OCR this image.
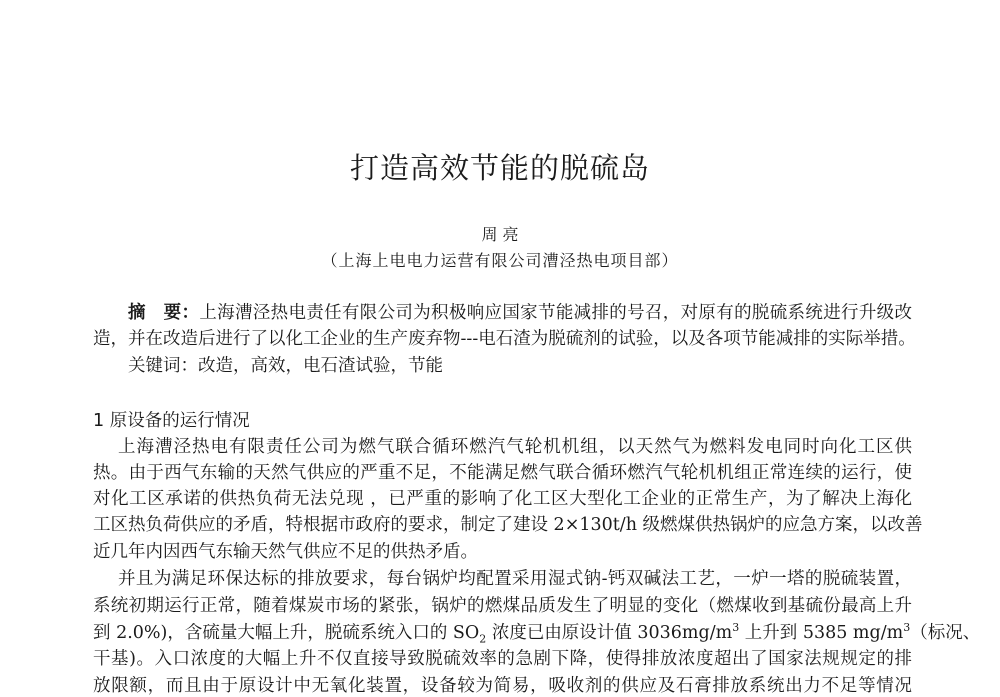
打造高效节能的脱硫岛
周 亮
（上海上电电力运营有限公司漕泾热电项目部）
摘　要：上海漕泾热电责任有限公司为积极响应国家节能减排的号召，对原有的脱硫系统进行升级改
造，并在改造后进行了以化工企业的生产废弃物---电石渣为脱硫剂的试验，以及各项节能减排的实际举措。
关键词：改造，高效，电石渣试验，节能
1 原设备的运行情况
上海漕泾热电有限责任公司为燃气联合循环燃汽气轮机机组，以天然气为燃料发电同时向化工区供
热。由于西气东输的天然气供应的严重不足，不能满足燃气联合循环燃汽气轮机机组正常连续的运行，使
对化工区承诺的供热负荷无法兑现 ，已严重的影响了化工区大型化工企业的正常生产，为了解决上海化
工区热负荷供应的矛盾，特根据市政府的要求，制定了建设 2×130t/h 级燃煤供热锅炉的应急方案，以改善
近几年内因西气东输天然气供应不足的供热矛盾。
并且为满足环保达标的排放要求，每台锅炉均配置采用湿式钠-钙双碱法工艺，一炉一塔的脱硫装置，
系统初期运行正常，随着煤炭市场的紧张，锅炉的燃煤品质发生了明显的变化（燃煤收到基硫份最高上升
到 2.0%)，含硫量大幅上升，脱硫系统入口的 $SO_2$ 浓度已由原设计值 $3036mg/m^3$ 上升到 5385 $mg/m^3$（标况、
干基)。入口浓度的大幅上升不仅直接导致脱硫效率的急剧下降，使得排放浓度超出了国家法规规定的排
放限额，而且由于原设计中无氧化装置，设备较为简易，吸收剂的供应及石膏排放系统出力不足等情况
